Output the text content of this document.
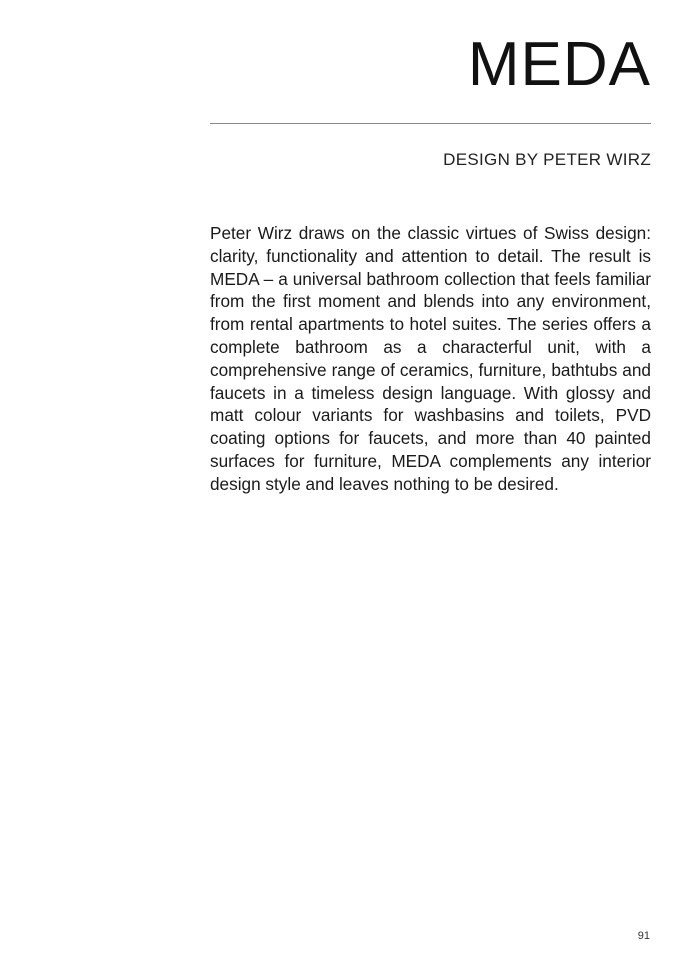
MEDA

DESIGN BY PETER WIRZ

Peter Wirz draws on the classic virtues of Swiss design: clarity, functionality and attention to detail. The result is MEDA – a universal bathroom collection that feels familiar from the first moment and blends into any environment, from rental apartments to hotel suites. The series offers a complete bathroom as a characterful unit, with a comprehensive range of ceramics, furniture, bathtubs and faucets in a timeless design language. With glossy and matt colour variants for washbasins and toilets, PVD coating options for faucets, and more than 40 painted surfaces for furniture, MEDA complements any interior design style and leaves nothing to be desired.

91
